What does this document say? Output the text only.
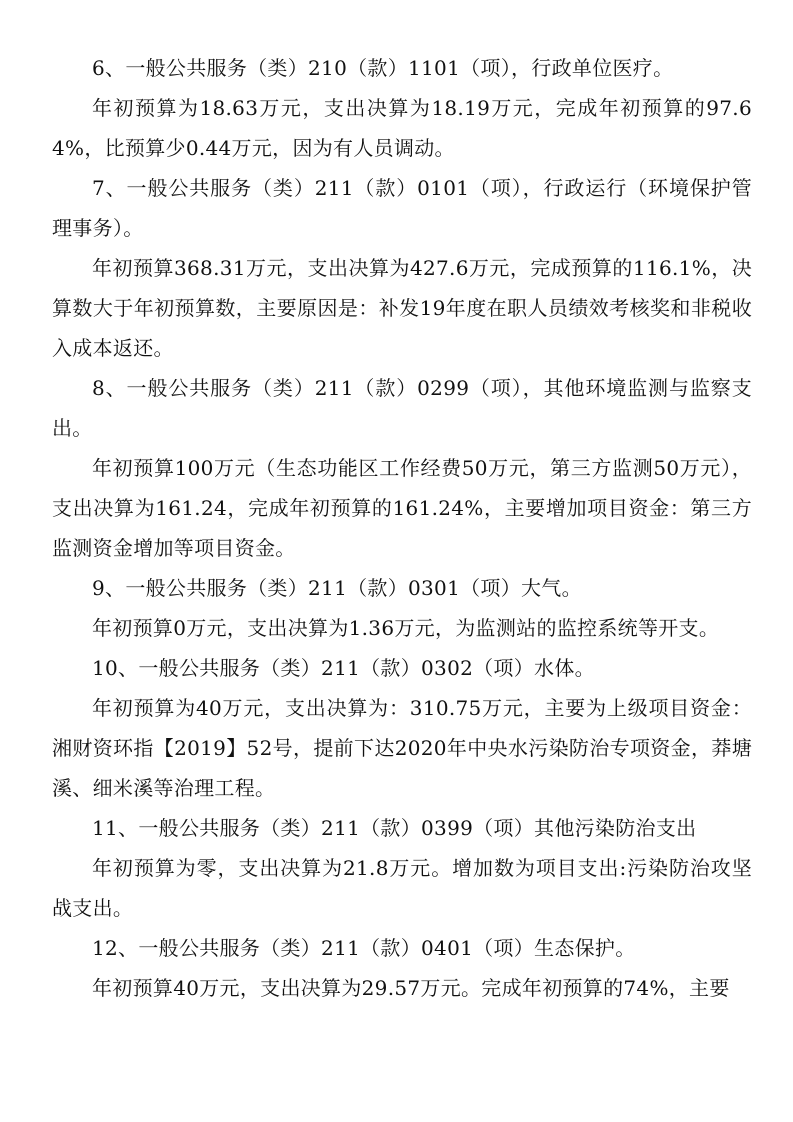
6、一般公共服务（类）210（款）1101（项），行政单位医疗。

年初预算为18.63万元，支出决算为18.19万元，完成年初预算的97.64%，比预算少0.44万元，因为有人员调动。

7、一般公共服务（类）211（款）0101（项），行政运行（环境保护管理事务）。

年初预算368.31万元，支出决算为427.6万元，完成预算的116.1%，决算数大于年初预算数，主要原因是：补发19年度在职人员绩效考核奖和非税收入成本返还。

8、一般公共服务（类）211（款）0299（项），其他环境监测与监察支出。

年初预算100万元（生态功能区工作经费50万元，第三方监测50万元），支出决算为161.24，完成年初预算的161.24%，主要增加项目资金：第三方监测资金增加等项目资金。

9、一般公共服务（类）211（款）0301（项）大气。

年初预算0万元，支出决算为1.36万元，为监测站的监控系统等开支。

10、一般公共服务（类）211（款）0302（项）水体。

年初预算为40万元，支出决算为：310.75万元，主要为上级项目资金：湘财资环指【2019】52号，提前下达2020年中央水污染防治专项资金，莽塘溪、细米溪等治理工程。

11、一般公共服务（类）211（款）0399（项）其他污染防治支出

年初预算为零，支出决算为21.8万元。增加数为项目支出:污染防治攻坚战支出。

12、一般公共服务（类）211（款）0401（项）生态保护。

年初预算40万元，支出决算为29.57万元。完成年初预算的74%，主要
